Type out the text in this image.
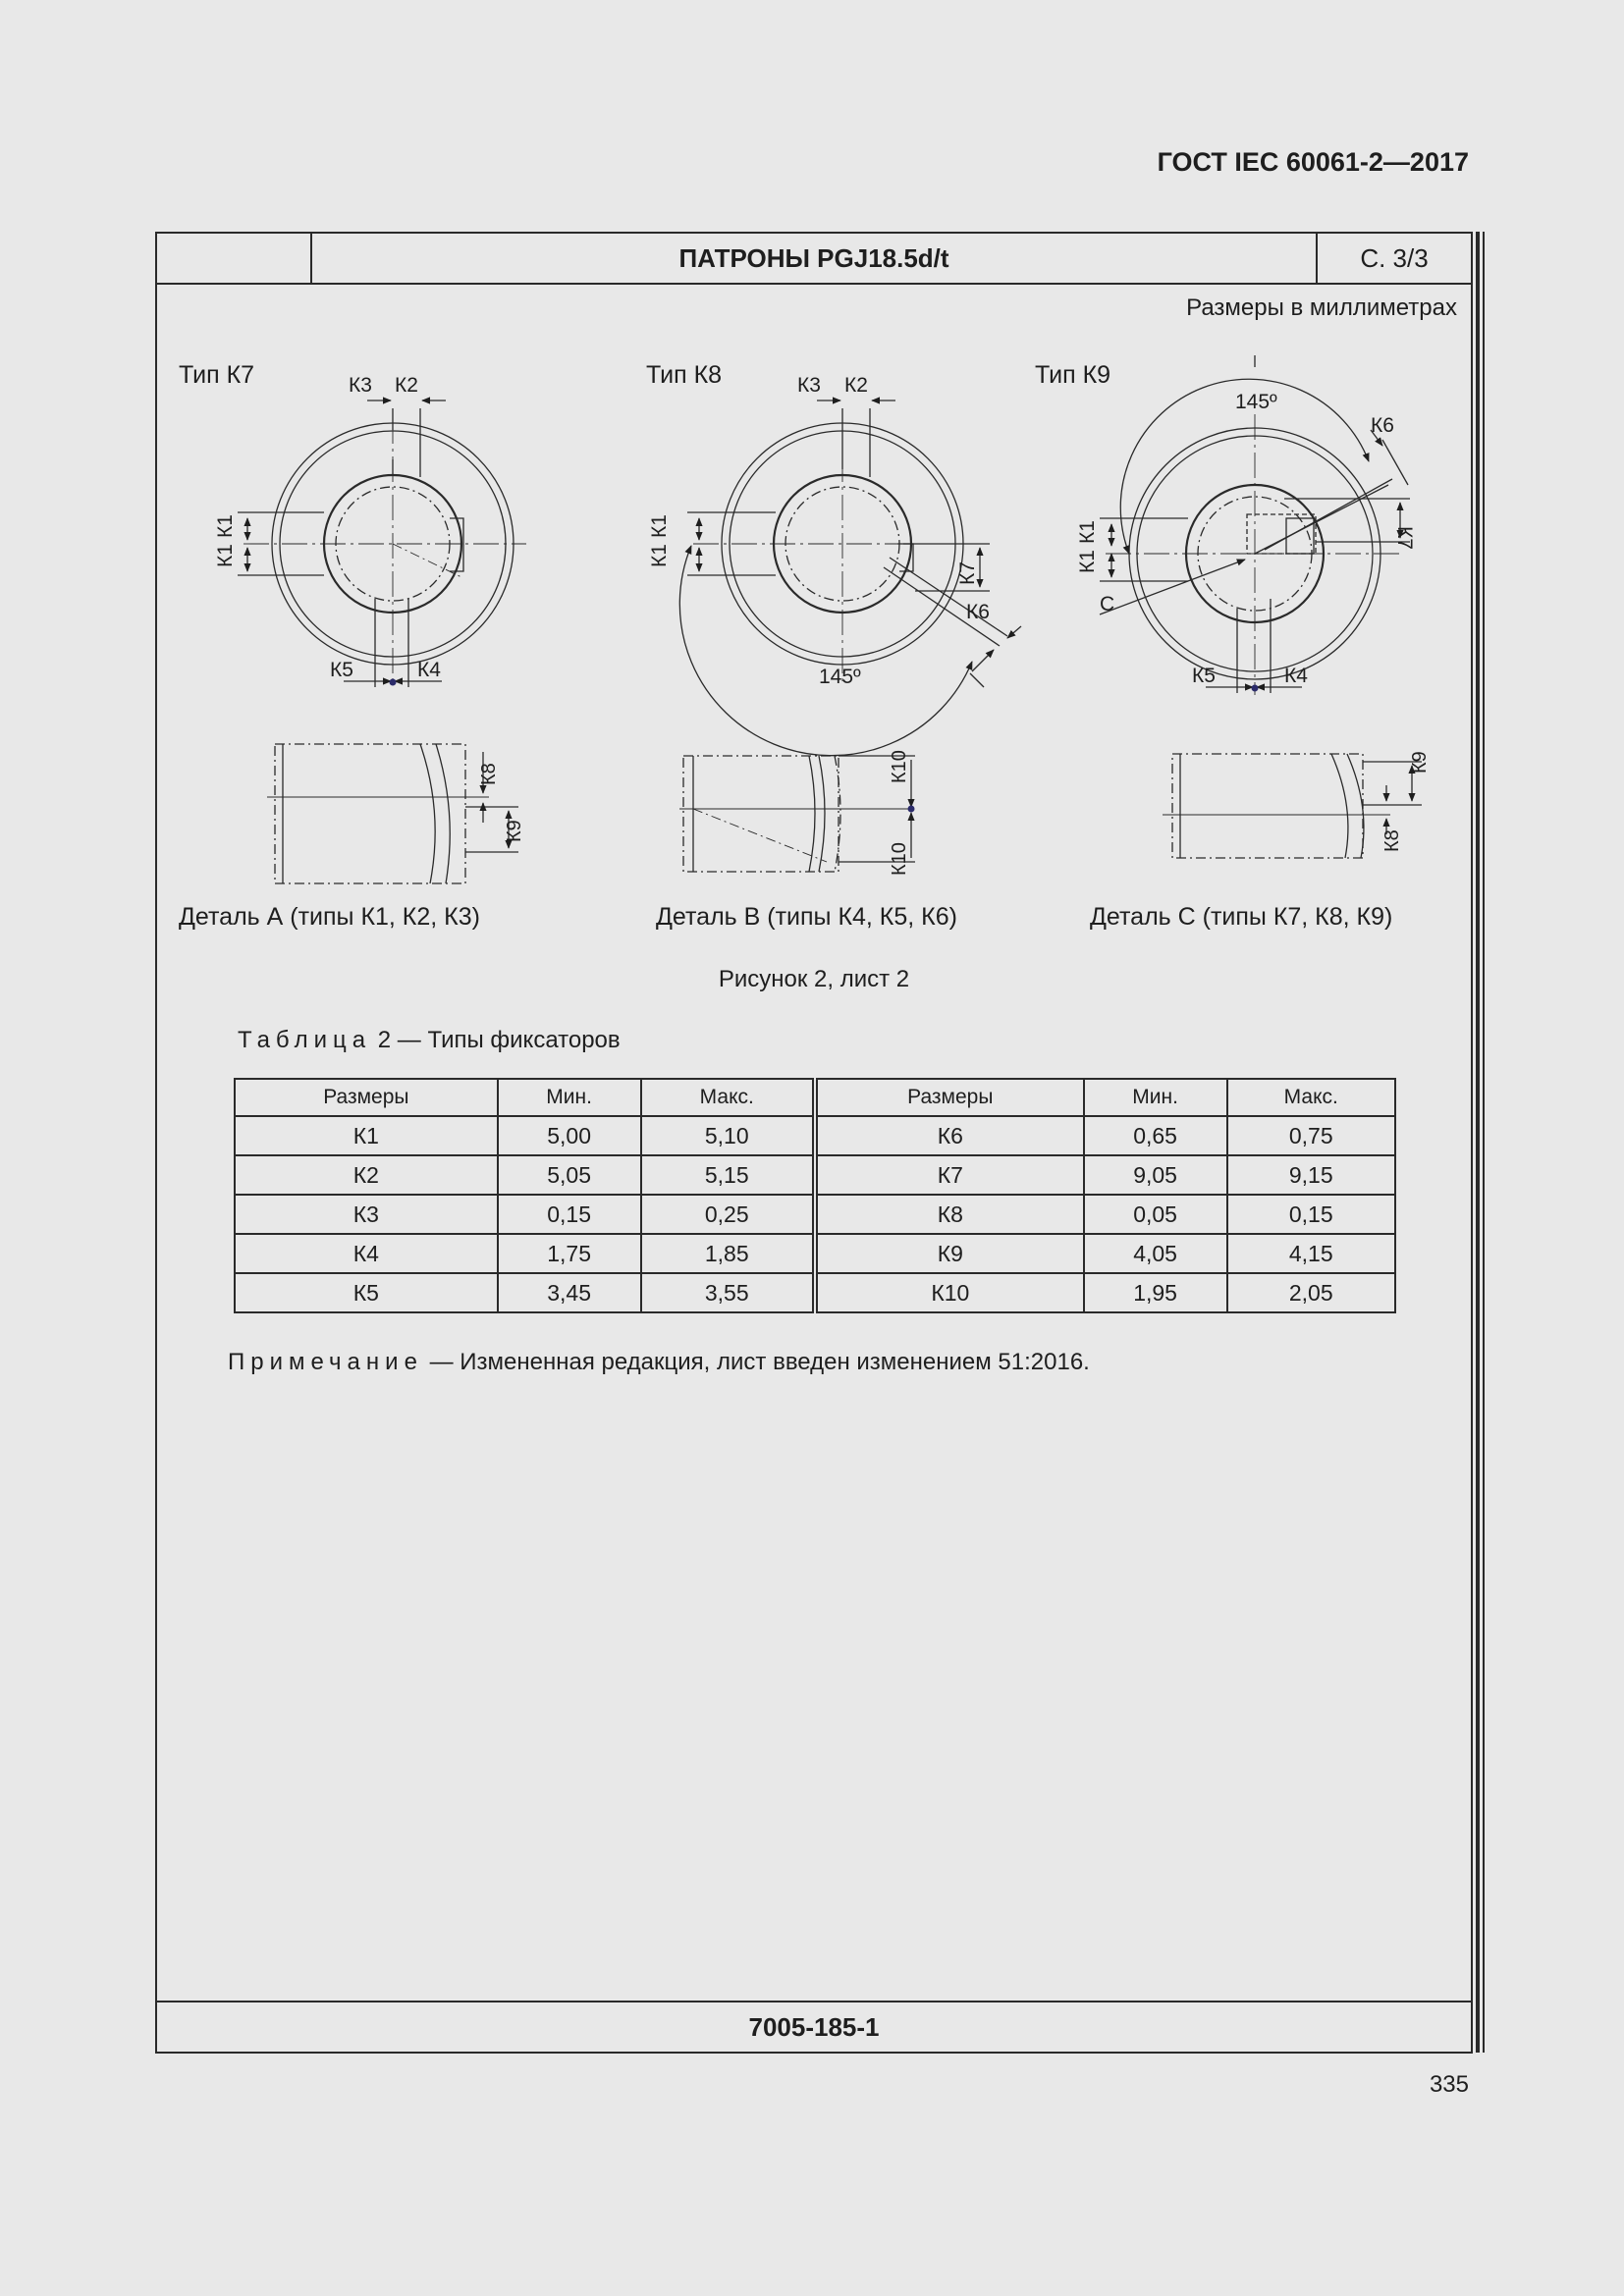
ГОСТ IEC 60061-2—2017
ПАТРОНЫ PGJ18.5d/t	С. 3/3
Размеры в миллиметрах
Тип К7	К3 К2
К1
К1
К5	К4
Тип К8	К3 К2
К1
К1
К7
К6
145º
Тип К9
145º
К6
К7
К1
К1
С
К5	К4
К8
К9
К10
К10
К9
К8
Деталь А (типы К1, К2, К3)	Деталь В (типы К4, К5, К6)	Деталь С (типы К7, К8, К9)
Рисунок 2, лист 2
Таблица 2 — Типы фиксаторов
Размеры	Мин.	Макс.	Размеры	Мин.	Макс.
К1	5,00	5,10	К6	0,65	0,75
К2	5,05	5,15	К7	9,05	9,15
К3	0,15	0,25	К8	0,05	0,15
К4	1,75	1,85	К9	4,05	4,15
К5	3,45	3,55	К10	1,95	2,05
Примечание — Измененная редакция, лист введен изменением 51:2016.
7005-185-1
335
